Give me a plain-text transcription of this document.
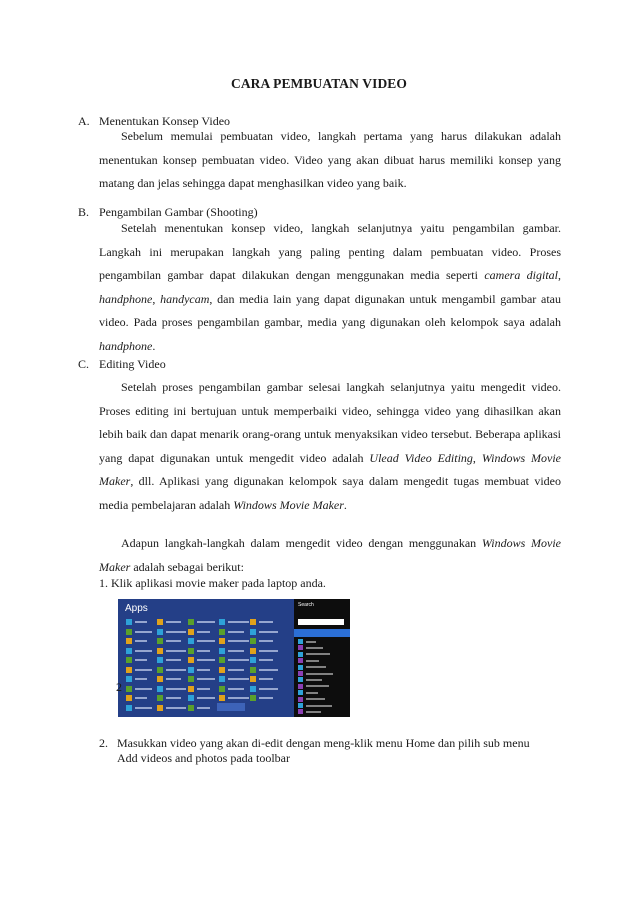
CARA PEMBUATAN VIDEO
A. Menentukan Konsep Video

Sebelum memulai pembuatan video, langkah pertama yang harus dilakukan adalah menentukan konsep pembuatan video. Video yang akan dibuat harus memiliki konsep yang matang dan jelas sehingga dapat menghasilkan video yang baik.

B. Pengambilan Gambar (Shooting)

Setelah menentukan konsep video, langkah selanjutnya yaitu pengambilan gambar. Langkah ini merupakan langkah yang paling penting dalam pembuatan video. Proses pengambilan gambar dapat dilakukan dengan menggunakan media seperti camera digital, handphone, handycam, dan media lain yang dapat digunakan untuk mengambil gambar atau video. Pada proses pengambilan gambar, media yang digunakan oleh kelompok saya adalah handphone.

C. Editing Video

Setelah proses pengambilan gambar selesai langkah selanjutnya yaitu mengedit video. Proses editing ini bertujuan untuk memperbaiki video, sehingga video yang dihasilkan akan lebih baik dan dapat menarik orang-orang untuk menyaksikan video tersebut. Beberapa aplikasi yang dapat digunakan untuk mengedit video adalah Ulead Video Editing, Windows Movie Maker, dll. Aplikasi yang digunakan kelompok saya dalam mengedit tugas membuat video media pembelajaran adalah Windows Movie Maker.

Adapun langkah-langkah dalam mengedit video dengan menggunakan Windows Movie Maker adalah sebagai berikut:

1. Klik aplikasi movie maker pada laptop anda.
Apps	Search
2
2. Masukkan video yang akan di-edit dengan meng-klik menu Home dan pilih sub menu
Add videos and photos pada toolbar
